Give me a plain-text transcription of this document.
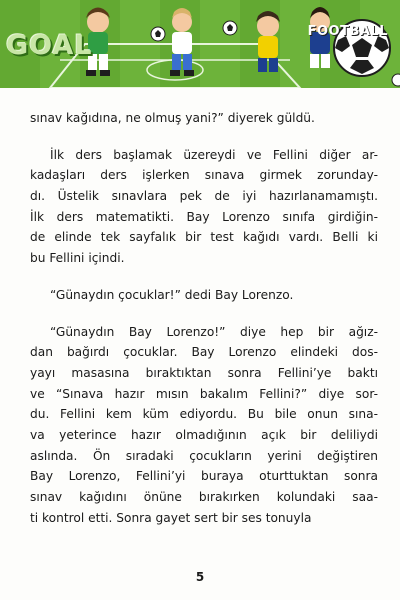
GOAL	FOOTBALL
sınav kağıdına, ne olmuş yani?” diyerek güldü.
İlk ders başlamak üzereydi ve Fellini diğer ar-
kadaşları ders işlerken sınava girmek zorunday-
dı. Üstelik sınavlara pek de iyi hazırlanamamıştı.
İlk ders matematikti. Bay Lorenzo sınıfa girdiğin-
de elinde tek sayfalık bir test kağıdı vardı. Belli ki
bu Fellini içindi.
“Günaydın çocuklar!” dedi Bay Lorenzo.
“Günaydın Bay Lorenzo!” diye hep bir ağız-
dan bağırdı çocuklar. Bay Lorenzo elindeki dos-
yayı masasına bıraktıktan sonra Fellini’ye baktı
ve “Sınava hazır mısın bakalım Fellini?” diye sor-
du. Fellini kem küm ediyordu. Bu bile onun sına-
va yeterince hazır olmadığının açık bir deliliydi
aslında. Ön sıradaki çocukların yerini değiştiren
Bay Lorenzo, Fellini’yi buraya oturttuktan sonra
sınav kağıdını önüne bırakırken kolundaki saa-
ti kontrol etti. Sonra gayet sert bir ses tonuyla
5
